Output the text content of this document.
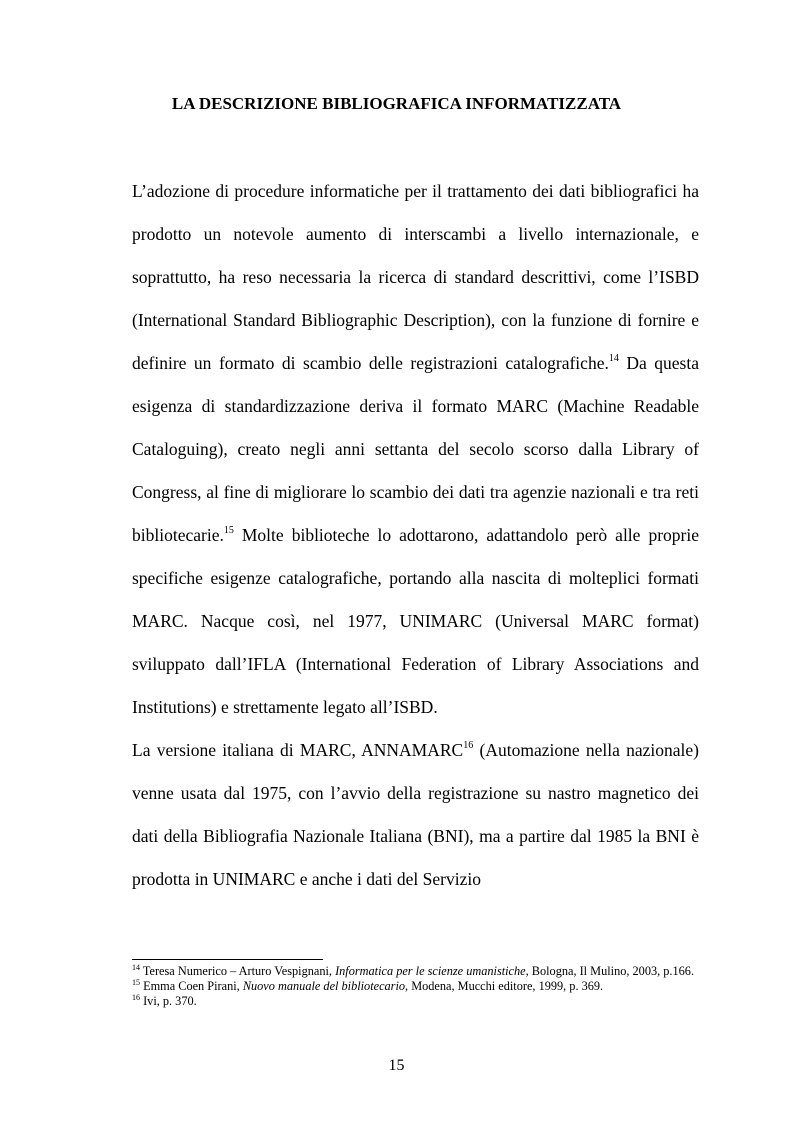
LA DESCRIZIONE BIBLIOGRAFICA INFORMATIZZATA

L’adozione di procedure informatiche per il trattamento dei dati bibliografici ha prodotto un notevole aumento di interscambi a livello internazionale, e soprattutto, ha reso necessaria la ricerca di standard descrittivi, come l’ISBD (International Standard Bibliographic Description), con la funzione di fornire e definire un formato di scambio delle registrazioni catalografiche.$^{14}$ Da questa esigenza di standardizzazione deriva il formato MARC (Machine Readable Cataloguing), creato negli anni settanta del secolo scorso dalla Library of Congress, al fine di migliorare lo scambio dei dati tra agenzie nazionali e tra reti bibliotecarie.$^{15}$ Molte biblioteche lo adottarono, adattandolo però alle proprie specifiche esigenze catalografiche, portando alla nascita di molteplici formati MARC. Nacque così, nel 1977, UNIMARC (Universal MARC format) sviluppato dall’IFLA (International Federation of Library Associations and Institutions) e strettamente legato all’ISBD.

La versione italiana di MARC, ANNAMARC$^{16}$ (Automazione nella nazionale) venne usata dal 1975, con l’avvio della registrazione su nastro magnetico dei dati della Bibliografia Nazionale Italiana (BNI), ma a partire dal 1985 la BNI è prodotta in UNIMARC e anche i dati del Servizio

$^{14}$ Teresa Numerico – Arturo Vespignani, Informatica per le scienze umanistiche, Bologna, Il Mulino, 2003, p.166.

$^{15}$ Emma Coen Pirani, Nuovo manuale del bibliotecario, Modena, Mucchi editore, 1999, p. 369.

$^{16}$ Ivi, p. 370.

15
